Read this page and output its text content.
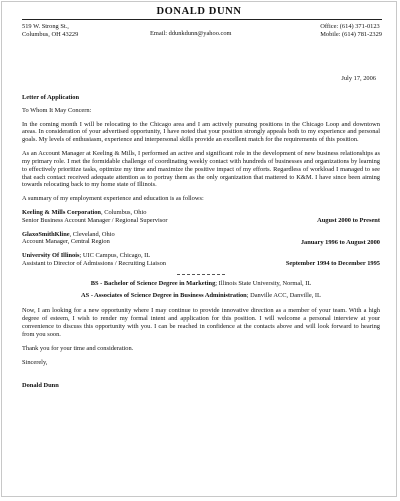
DONALD DUNN
519 W. Strong St.,
Columbus, OH 43229	Email: ddunkdunn@yahoo.com
Office: (614) 371-0123
Mobile: (614) 781-2329
July 17, 2006
Letter of Application
To Whom It May Concern:

In the coming month I will be relocating to the Chicago area and I am actively pursuing positions in the Chicago Loop and downtown areas. In consideration of your advertised opportunity, I have noted that your position strongly appeals both to my experience and personal goals. My levels of enthusiasm, experience and interpersonal skills provide an excellent match for the requirements of this position.

As an Account Manager at Keeling & Mills, I performed an active and significant role in the development of new business relationships as my primary role. I met the formidable challenge of coordinating weekly contact with hundreds of businesses and organizations by learning to effectively prioritize tasks, optimize my time and maximize the positive impact of my efforts. Regardless of workload I managed to see that each contact received adequate attention as to portray them as the only organization that mattered to K&M. I have since been aiming towards relocating back to my home state of Illinois.

A summary of my employment experience and education is as follows:

Keeling & Mills Corporation, Columbus, Ohio
Senior Business Account Manager / Regional Supervisor	August 2000 to Present
GlaxoSmithKline, Cleveland, Ohio
Account Manager, Central Region	January 1996 to August 2000
University Of Illinois; UIC Campus, Chicago, IL
Assistant to Director of Admissions / Recruiting Liaison	September 1994 to December 1995
BS - Bachelor of Science Degree in Marketing; Illinois State University, Normal, IL
AS - Associates of Science Degree in Business Administration; Danville ACC, Danville, IL

Now, I am looking for a new opportunity where I may continue to provide innovative direction as a member of your team. With a high degree of esteem, I wish to render my formal intent and application for this position. I will welcome a personal interview at your convenience to discuss this opportunity with you. I can be reached in confidence at the contacts above and will look forward to hearing from you soon.

Thank you for your time and consideration.

Sincerely,

Donald Dunn
